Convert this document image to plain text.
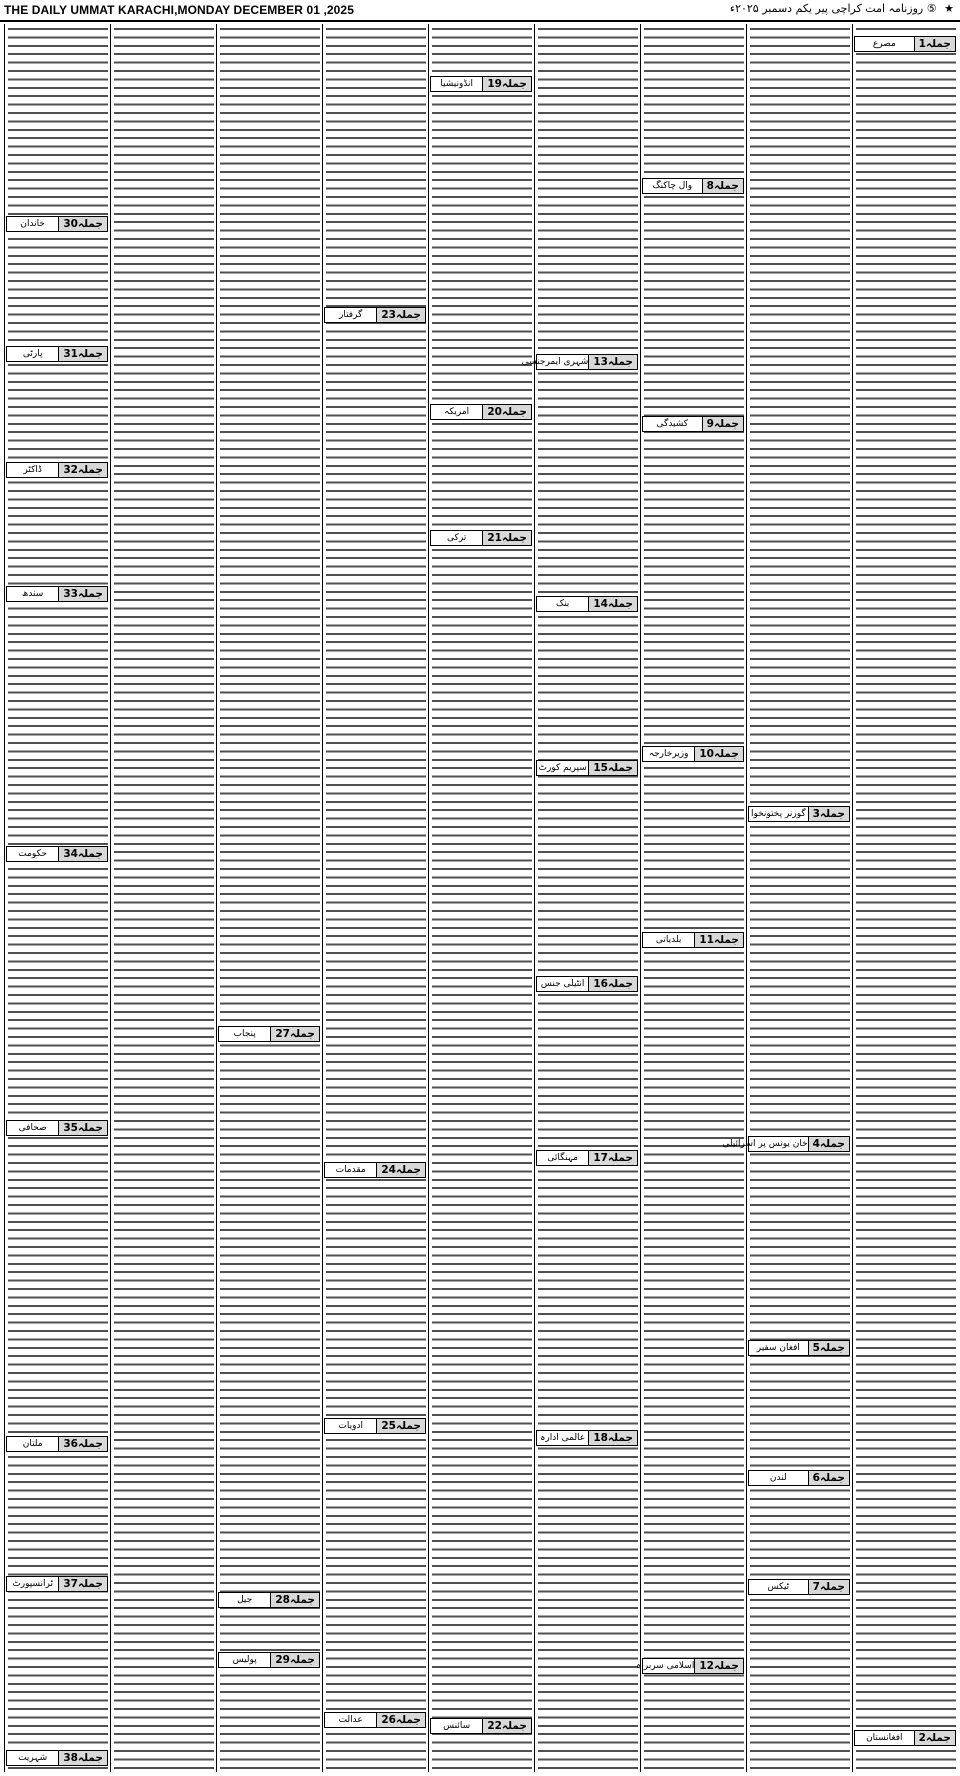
THE DAILY UMMAT KARACHI,MONDAY DECEMBER 01 ,2025	★ ⑤ روزنامہ امت کراچی پیر یکم دسمبر ۲۰۲۵ء
جملہ
1
مصرع
جملہ
2
افغانستان
جملہ
3
گورنر پختونخوا
جملہ
4
خان یونس پر اسرائیلی
جملہ
5
افغان سفیر
جملہ
6
لندن
جملہ
7
ٹیکس
جملہ
8
وال چاکنگ
جملہ
9
کشیدگی
جملہ
10
وزیرخارجہ
جملہ
11
بلدیاتی
جملہ
12
اسلامی سربراہ
جملہ
13
شہری ایمرجنسی
جملہ
14
بنک
جملہ
15
سپریم کورٹ
جملہ
16
انٹیلی جنس
جملہ
17
مہنگائی
جملہ
18
عالمی ادارہ
جملہ
19
انڈونیشیا
جملہ
20
امریکہ
جملہ
21
ترکی
جملہ
22
سائنس
جملہ
23
گرفتار
جملہ
24
مقدمات
جملہ
25
ادویات
جملہ
26
عدالت
جملہ
27
پنجاب
جملہ
28
جیل
جملہ
29
پولیس
جملہ
30
خاندان
جملہ
31
پارٹی
جملہ
32
ڈاکٹر
جملہ
33
سندھ
جملہ
34
حکومت
جملہ
35
صحافی
جملہ
36
ملتان
جملہ
37
ٹرانسپورٹ
جملہ
38
شہریت
